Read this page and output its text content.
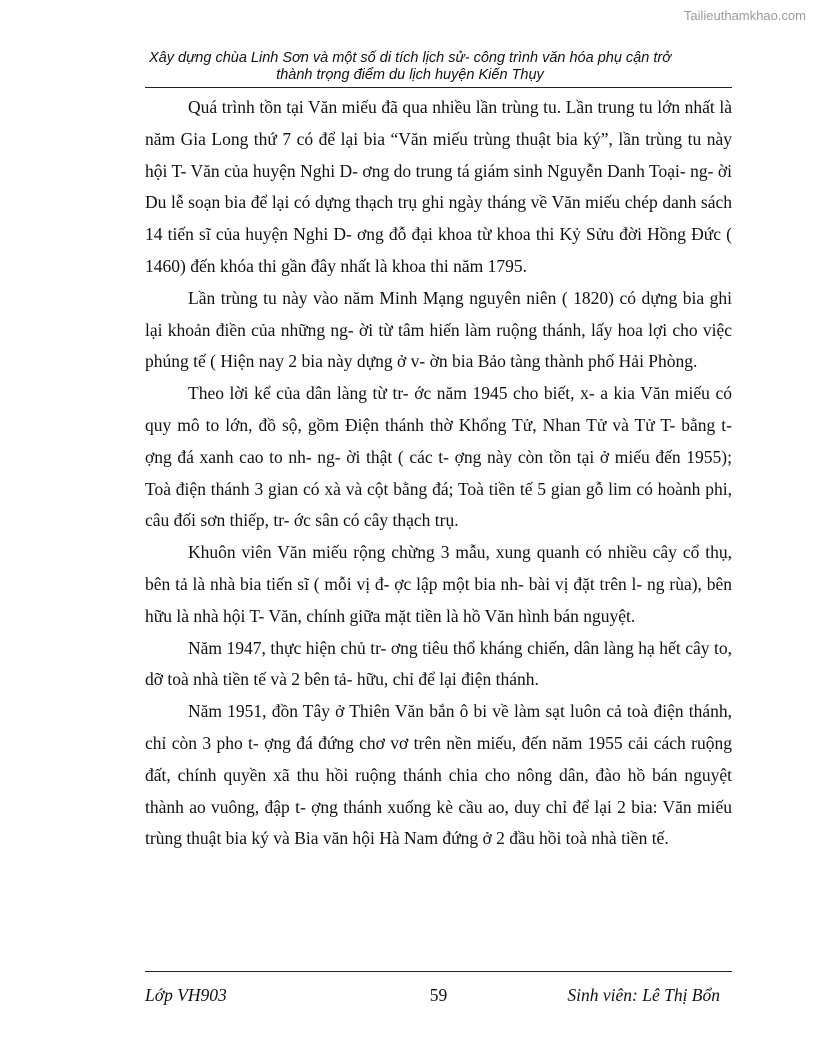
Tailieuthamkhao.com
Xây dựng chùa Linh Sơn và một số di tích lịch sử- công trình văn hóa phụ cận trở
thành trọng điểm du lịch huyện Kiến Thụy

Quá trình tồn tại Văn miếu đã qua nhiều lần trùng tu. Lần trung tu lớn nhất là năm Gia Long thứ 7 có để lại bia “Văn miếu trùng thuật bia ký”, lần trùng tu này hội T- Văn của huyện Nghi D- ơng do trung tá giám sinh Nguyễn Danh Toại- ng- ời Du lễ soạn bia để lại có dựng thạch trụ ghi ngày tháng về Văn miếu chép danh sách 14 tiến sĩ của huyện Nghi D- ơng đỗ đại khoa từ khoa thi Kỷ Sửu đời Hồng Đức ( 1460) đến khóa thi gần đây nhất là khoa thi năm 1795.

Lần trùng tu này vào năm Minh Mạng nguyên niên ( 1820) có dựng bia ghi lại khoản điền của những ng- ời từ tâm hiến làm ruộng thánh, lấy hoa lợi cho việc phúng tế ( Hiện nay 2 bia này dựng ở v- ờn bia Bảo tàng thành phố Hải Phòng.

Theo lời kể của dân làng từ tr- ớc năm 1945 cho biết, x- a kia Văn miếu có quy mô to lớn, đồ sộ, gồm Điện thánh thờ Khổng Tử, Nhan Tử và Tử T- bằng t- ợng đá xanh cao to nh- ng- ời thật ( các t- ợng này còn tồn tại ở miếu đến 1955); Toà điện thánh 3 gian có xà và cột bằng đá; Toà tiền tế 5 gian gỗ lim có hoành phi, câu đối sơn thiếp, tr- ớc sân có cây thạch trụ.

Khuôn viên Văn miếu rộng chừng 3 mẫu, xung quanh có nhiều cây cổ thụ, bên tả là nhà bia tiến sĩ ( mỗi vị đ- ợc lập một bia nh- bài vị đặt trên l- ng rùa), bên hữu là nhà hội T- Văn, chính giữa mặt tiền là hồ Văn hình bán nguyệt.

Năm 1947, thực hiện chủ tr- ơng tiêu thổ kháng chiến, dân làng hạ hết cây to, dỡ toà nhà tiền tế và 2 bên tả- hữu, chỉ để lại điện thánh.

Năm 1951, đồn Tây ở Thiên Văn bắn ô bi về làm sạt luôn cả toà điện thánh, chỉ còn 3 pho t- ợng đá đứng chơ vơ trên nền miếu, đến năm 1955 cải cách ruộng đất, chính quyền xã thu hồi ruộng thánh chia cho nông dân, đào hồ bán nguyệt thành ao vuông, đập t- ợng thánh xuống kè cầu ao, duy chỉ để lại 2 bia: Văn miếu trùng thuật bia ký và Bia văn hội Hà Nam đứng ở 2 đầu hồi toà nhà tiền tế.

Lớp VH903	59	Sinh viên: Lê Thị Bổn
